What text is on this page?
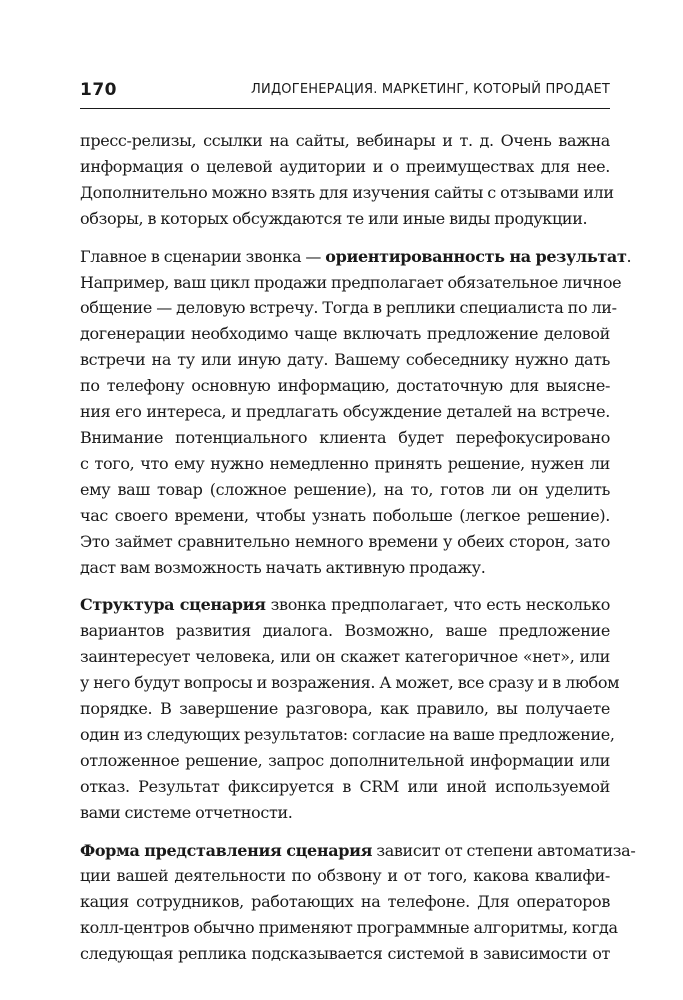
170	ЛИДОГЕНЕРАЦИЯ. МАРКЕТИНГ, КОТОРЫЙ ПРОДАЕТ

пресс-релизы, ссылки на сайты, вебинары и т. д. Очень важна
информация о целевой аудитории и о преимуществах для нее.
Дополнительно можно взять для изучения сайты с отзывами или
обзоры, в которых обсуждаются те или иные виды продукции.

Главное в сценарии звонка — ориентированность на результат.
Например, ваш цикл продажи предполагает обязательное личное
общение — деловую встречу. Тогда в реплики специалиста по ли-
догенерации необходимо чаще включать предложение деловой
встречи на ту или иную дату. Вашему собеседнику нужно дать
по телефону основную информацию, достаточную для выясне-
ния его интереса, и предлагать обсуждение деталей на встрече.
Внимание потенциального клиента будет перефокусировано
с того, что ему нужно немедленно принять решение, нужен ли
ему ваш товар (сложное решение), на то, готов ли он уделить
час своего времени, чтобы узнать побольше (легкое решение).
Это займет сравнительно немного времени у обеих сторон, зато
даст вам возможность начать активную продажу.

Структура сценария звонка предполагает, что есть несколько
вариантов развития диалога. Возможно, ваше предложение
заинтересует человека, или он скажет категоричное «нет», или
у него будут вопросы и возражения. А может, все сразу и в любом
порядке. В завершение разговора, как правило, вы получаете
один из следующих результатов: согласие на ваше предложение,
отложенное решение, запрос дополнительной информации или
отказ. Результат фиксируется в CRM или иной используемой
вами системе отчетности.

Форма представления сценария зависит от степени автоматиза-
ции вашей деятельности по обзвону и от того, какова квалифи-
кация сотрудников, работающих на телефоне. Для операторов
колл-центров обычно применяют программные алгоритмы, когда
следующая реплика подсказывается системой в зависимости от
